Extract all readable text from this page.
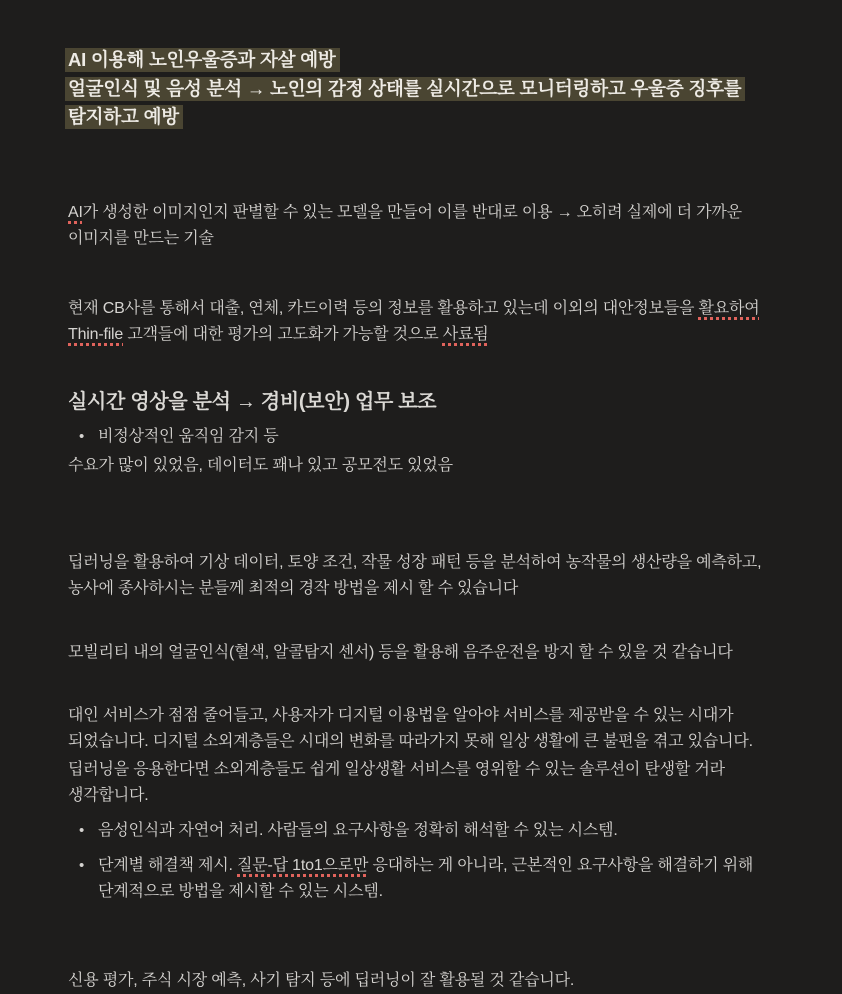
AI 이용해 노인우울증과 자살 예방
얼굴인식 및 음성 분석 → 노인의 감정 상태를 실시간으로 모니터링하고 우울증 징후를 탐지하고 예방

AI가 생성한 이미지인지 판별할 수 있는 모델을 만들어 이를 반대로 이용 → 오히려 실제에 더 가까운 이미지를 만드는 기술

현재 CB사를 통해서 대출, 연체, 카드이력 등의 정보를 활용하고 있는데 이외의 대안정보들을 활요하여 Thin-file 고객들에 대한 평가의 고도화가 가능할 것으로 사료됨

실시간 영상을 분석 → 경비(보안) 업무 보조
• 비정상적인 움직임 감지 등

수요가 많이 있었음, 데이터도 꽤나 있고 공모전도 있었음

딥러닝을 활용하여 기상 데이터, 토양 조건, 작물 성장 패턴 등을 분석하여 농작물의 생산량을 예측하고, 농사에 종사하시는 분들께 최적의 경작 방법을 제시 할 수 있습니다

모빌리티 내의 얼굴인식(혈색, 알콜탐지 센서) 등을 활용해 음주운전을 방지 할 수 있을 것 같습니다

대인 서비스가 점점 줄어들고, 사용자가 디지털 이용법을 알아야 서비스를 제공받을 수 있는 시대가 되었습니다. 디지털 소외계층들은 시대의 변화를 따라가지 못해 일상 생활에 큰 불편을 겪고 있습니다.

딥러닝을 응용한다면 소외계층들도 쉽게 일상생활 서비스를 영위할 수 있는 솔루션이 탄생할 거라 생각합니다.

• 음성인식과 자연어 처리. 사람들의 요구사항을 정확히 해석할 수 있는 시스템.
• 단계별 해결책 제시. 질문-답 1to1으로만 응대하는 게 아니라, 근본적인 요구사항을 해결하기 위해 단계적으로 방법을 제시할 수 있는 시스템.

신용 평가, 주식 시장 예측, 사기 탐지 등에 딥러닝이 잘 활용될 것 같습니다.
